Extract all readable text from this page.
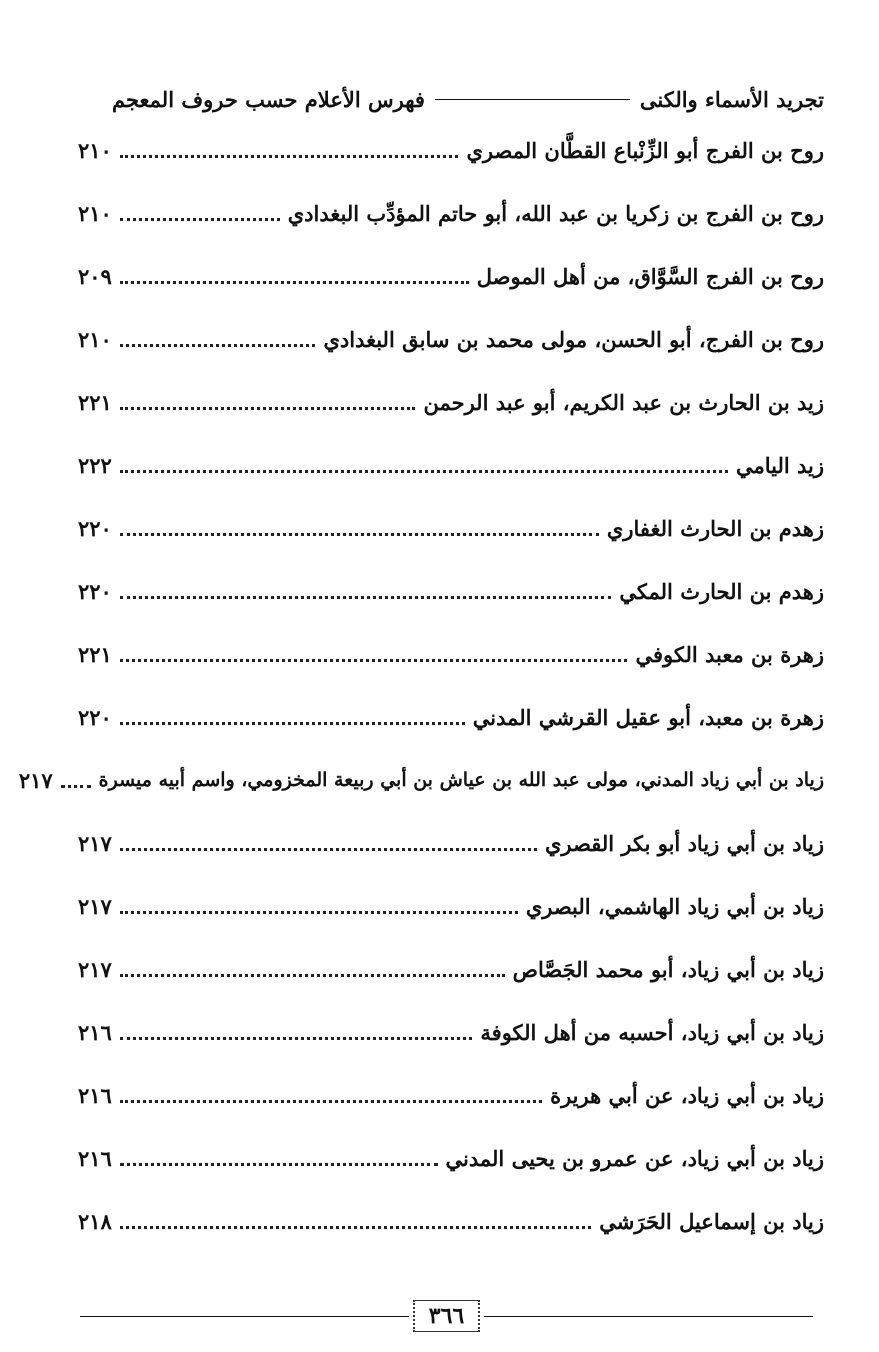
تجريد الأسماء والكنى
فهرس الأعلام حسب حروف المعجم
روح بن الفرج أبو الزِّنْباع القطَّان المصري
٢١٠
روح بن الفرج بن زكريا بن عبد الله، أبو حاتم المؤدِّب البغدادي
٢١٠
روح بن الفرج السَّوَّاق، من أهل الموصل
٢٠٩
روح بن الفرج، أبو الحسن، مولى محمد بن سابق البغدادي
٢١٠
زيد بن الحارث بن عبد الكريم، أبو عبد الرحمن
٢٢١
زيد اليامي
٢٢٢
زهدم بن الحارث الغفاري
٢٢٠
زهدم بن الحارث المكي
٢٢٠
زهرة بن معبد الكوفي
٢٢١
زهرة بن معبد، أبو عقيل القرشي المدني
٢٢٠
زياد بن أبي زياد المدني، مولى عبد الله بن عياش بن أبي ربيعة المخزومي، واسم أبيه ميسرة
٢١٧
زياد بن أبي زياد أبو بكر القصري
٢١٧
زياد بن أبي زياد الهاشمي، البصري
٢١٧
زياد بن أبي زياد، أبو محمد الجَصَّاص
٢١٧
زياد بن أبي زياد، أحسبه من أهل الكوفة
٢١٦
زياد بن أبي زياد، عن أبي هريرة
٢١٦
زياد بن أبي زياد، عن عمرو بن يحيى المدني
٢١٦
زياد بن إسماعيل الحَرَشي
٢١٨
٣٦٦
